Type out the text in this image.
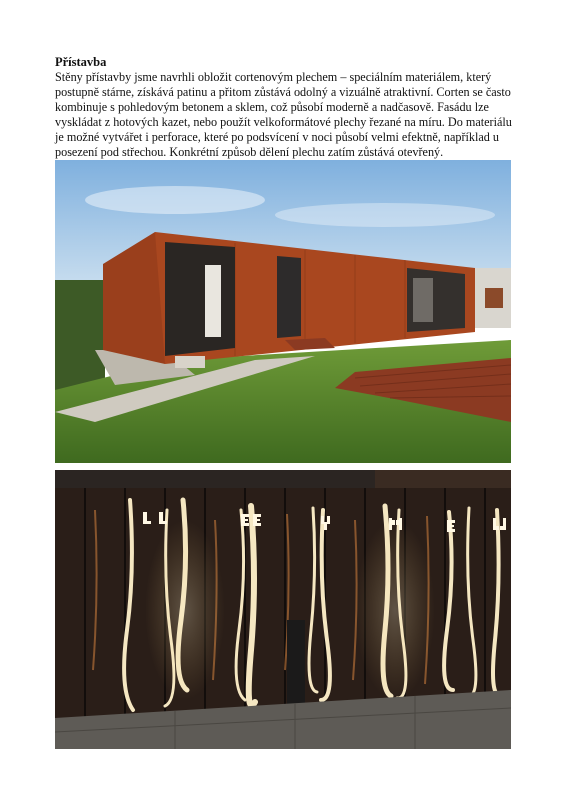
Přístavba

Stěny přístavby jsme navrhli obložit cortenovým plechem – speciálním materiálem, který postupně stárne, získává patinu a přitom zůstává odolný a vizuálně atraktivní. Corten se často kombinuje s pohledovým betonem a sklem, což působí moderně a nadčasově. Fasádu lze vyskládat z hotových kazet, nebo použít velkoformátové plechy řezané na míru. Do materiálu je možné vytvářet i perforace, které po podsvícení v noci působí velmi efektně, například u posezení pod střechou. Konkrétní způsob dělení plechu zatím zůstává otevřený.
